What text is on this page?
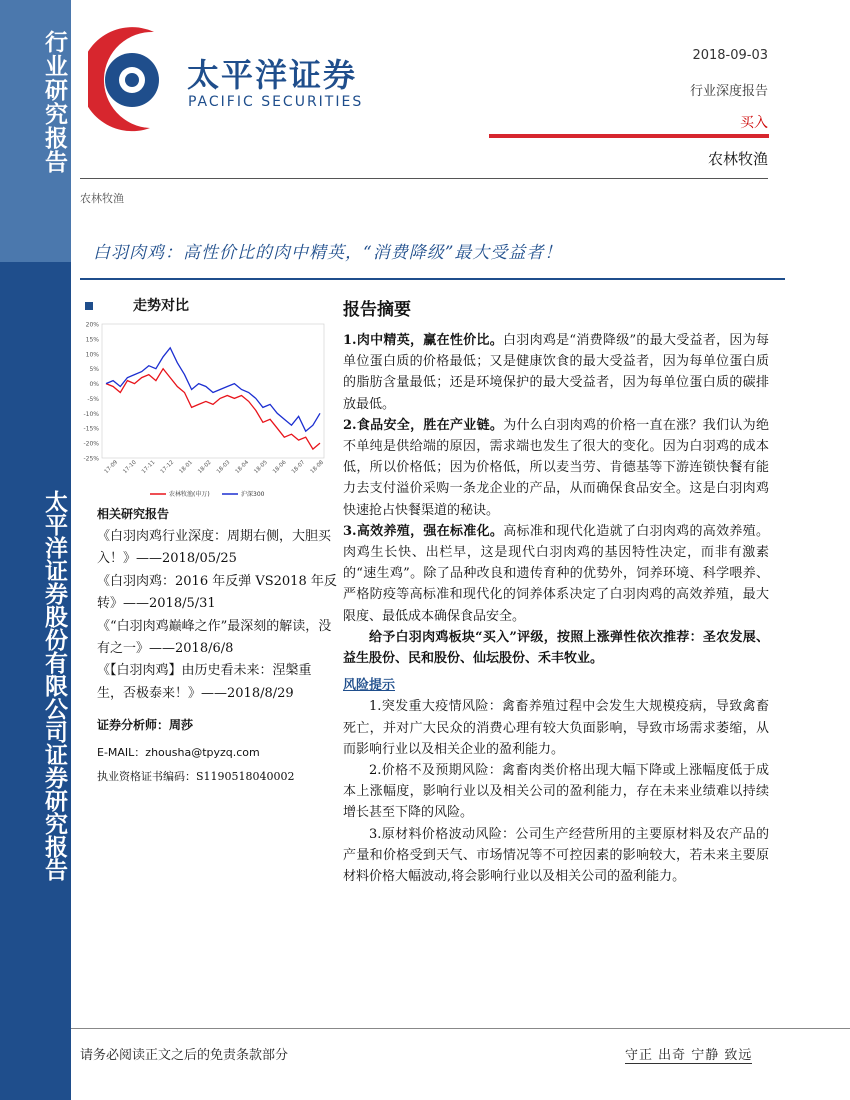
行业研究报告
太平洋证券股份有限公司证券研究报告
太平洋证券
PACIFIC SECURITIES
2018-09-03
行业深度报告
买入
农林牧渔
农林牧渔
白羽肉鸡：高性价比的肉中精英，“消费降级”最大受益者！
走势对比
20%
15%
10%
5%
0%
-5%
-10%
-15%
-20%
-25%
17-09 17-10 17-11 17-12 18-01 18-02 18-03 18-04 18-05 18-06 18-07 18-08
农林牧渔(申万)	沪深300
相关研究报告
《白羽肉鸡行业深度：周期右侧，大胆买入！》——2018/05/25
《白羽肉鸡：2016 年反弹 VS2018 年反转》——2018/5/31
《“白羽肉鸡巅峰之作”最深刻的解读，没有之一》——2018/6/8
《【白羽肉鸡】由历史看未来：涅槃重生，否极泰来！》——2018/8/29
证券分析师：周莎
E-MAIL：zhousha@tpyzq.com
执业资格证书编码：S1190518040002
报告摘要

1.肉中精英，赢在性价比。白羽肉鸡是“消费降级”的最大受益者，因为每单位蛋白质的价格最低；又是健康饮食的最大受益者，因为每单位蛋白质的脂肪含量最低；还是环境保护的最大受益者，因为每单位蛋白质的碳排放最低。

2.食品安全，胜在产业链。为什么白羽肉鸡的价格一直在涨？我们认为绝不单纯是供给端的原因，需求端也发生了很大的变化。因为白羽鸡的成本低，所以价格低；因为价格低，所以麦当劳、肯德基等下游连锁快餐有能力去支付溢价采购一条龙企业的产品，从而确保食品安全。这是白羽肉鸡快速抢占快餐渠道的秘诀。

3.高效养殖，强在标准化。高标准和现代化造就了白羽肉鸡的高效养殖。肉鸡生长快、出栏早，这是现代白羽肉鸡的基因特性决定，而非有激素的“速生鸡”。除了品种改良和遗传育种的优势外，饲养环境、科学喂养、严格防疫等高标准和现代化的饲养体系决定了白羽肉鸡的高效养殖，最大限度、最低成本确保食品安全。

给予白羽肉鸡板块“买入”评级，按照上涨弹性依次推荐：圣农发展、益生股份、民和股份、仙坛股份、禾丰牧业。

风险提示

1.突发重大疫情风险：禽畜养殖过程中会发生大规模疫病，导致禽畜死亡，并对广大民众的消费心理有较大负面影响，导致市场需求萎缩，从而影响行业以及相关企业的盈利能力。

2.价格不及预期风险：禽畜肉类价格出现大幅下降或上涨幅度低于成本上涨幅度，影响行业以及相关公司的盈利能力，存在未来业绩难以持续增长甚至下降的风险。

3.原材料价格波动风险：公司生产经营所用的主要原材料及农产品的产量和价格受到天气、市场情况等不可控因素的影响较大，若未来主要原材料价格大幅波动,将会影响行业以及相关公司的盈利能力。

请务必阅读正文之后的免责条款部分	守正 出奇 宁静 致远
